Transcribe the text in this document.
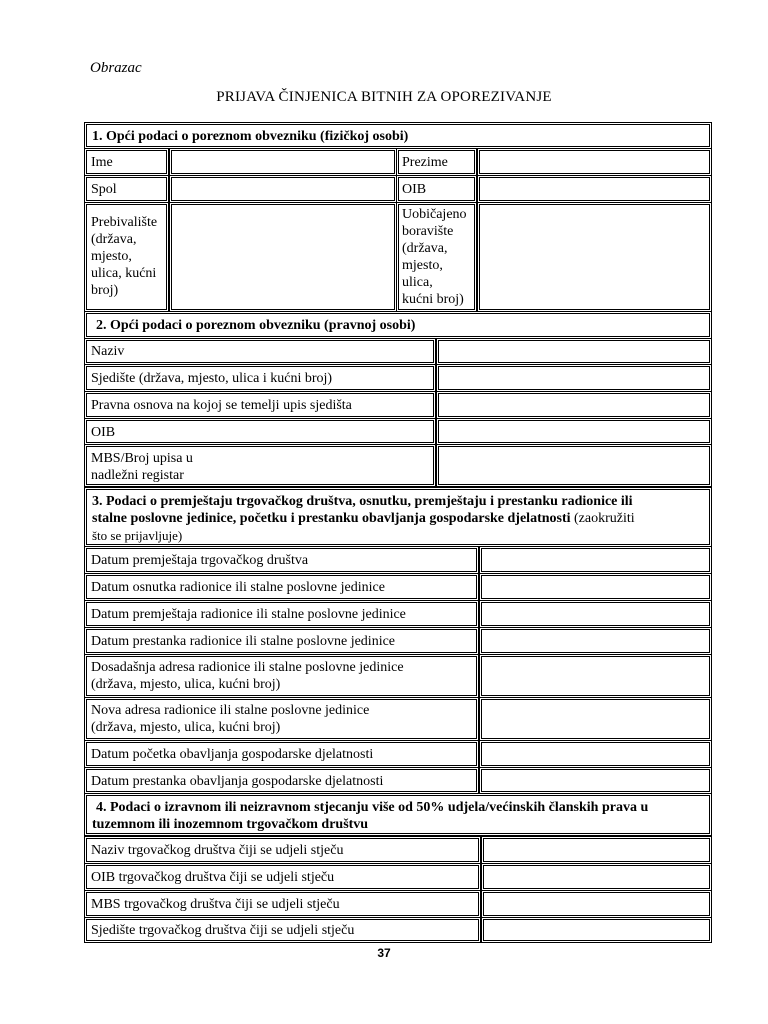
Obrazac
PRIJAVA ČINJENICA BITNIH ZA OPOREZIVANJE
1. Opći podaci o poreznom obvezniku (fizičkoj osobi)
Ime	Prezime
Spol	OIB
Prebivalište
(država,
mjesto,
ulica, kućni
broj)
Uobičajeno
boravište
(država,
mjesto,
ulica,
kućni broj)
2. Opći podaci o poreznom obvezniku (pravnoj osobi)
Naziv
Sjedište (država, mjesto, ulica i kućni broj)
Pravna osnova na kojoj se temelji upis sjedišta
OIB
MBS/Broj upisa u
nadležni registar
3. Podaci o premještaju trgovačkog društva, osnutku, premještaju i prestanku radionice ili
stalne poslovne jedinice, početku i prestanku obavljanja gospodarske djelatnosti (zaokružiti
što se prijavljuje)
Datum premještaja trgovačkog društva
Datum osnutka radionice ili stalne poslovne jedinice
Datum premještaja radionice ili stalne poslovne jedinice
Datum prestanka radionice ili stalne poslovne jedinice
Dosadašnja adresa radionice ili stalne poslovne jedinice
(država, mjesto, ulica, kućni broj)
Nova adresa radionice ili stalne poslovne jedinice
(država, mjesto, ulica, kućni broj)
Datum početka obavljanja gospodarske djelatnosti
Datum prestanka obavljanja gospodarske djelatnosti
4. Podaci o izravnom ili neizravnom stjecanju više od 50% udjela/većinskih članskih prava u
tuzemnom ili inozemnom trgovačkom društvu
Naziv trgovačkog društva čiji se udjeli stječu
OIB trgovačkog društva čiji se udjeli stječu
MBS trgovačkog društva čiji se udjeli stječu
Sjedište trgovačkog društva čiji se udjeli stječu
37
